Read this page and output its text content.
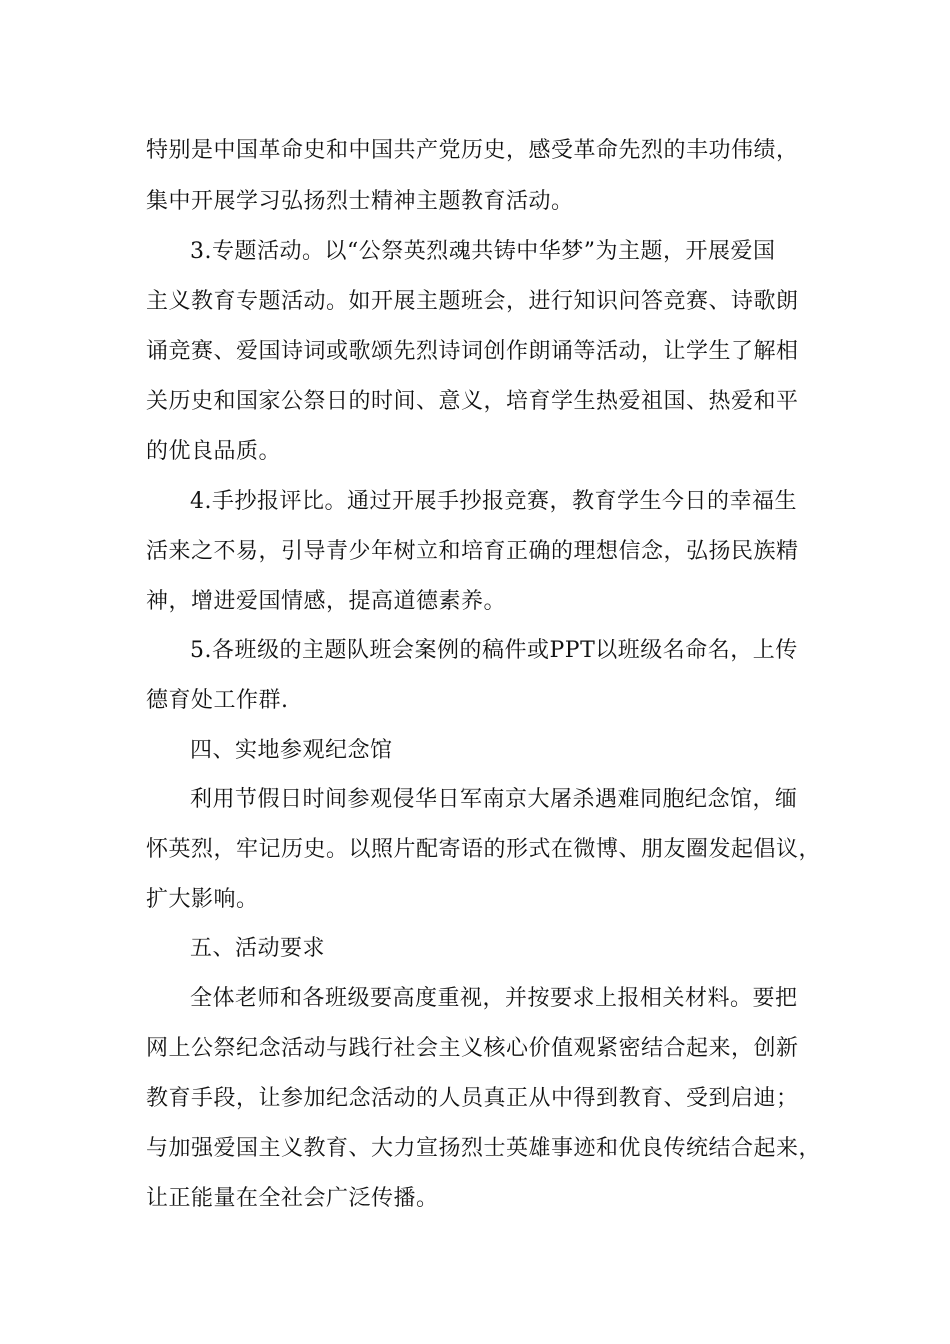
特别是中国革命史和中国共产党历史，感受革命先烈的丰功伟绩，
集中开展学习弘扬烈士精神主题教育活动。
3.专题活动。以“公祭英烈魂共铸中华梦”为主题，开展爱国
主义教育专题活动。如开展主题班会，进行知识问答竞赛、诗歌朗
诵竞赛、爱国诗词或歌颂先烈诗词创作朗诵等活动，让学生了解相
关历史和国家公祭日的时间、意义，培育学生热爱祖国、热爱和平
的优良品质。
4.手抄报评比。通过开展手抄报竞赛，教育学生今日的幸福生
活来之不易，引导青少年树立和培育正确的理想信念，弘扬民族精
神，增进爱国情感，提高道德素养。
5.各班级的主题队班会案例的稿件或PPT以班级名命名，上传
德育处工作群.
四、实地参观纪念馆
利用节假日时间参观侵华日军南京大屠杀遇难同胞纪念馆，缅
怀英烈，牢记历史。以照片配寄语的形式在微博、朋友圈发起倡议，
扩大影响。
五、活动要求
全体老师和各班级要高度重视，并按要求上报相关材料。要把
网上公祭纪念活动与践行社会主义核心价值观紧密结合起来，创新
教育手段，让参加纪念活动的人员真正从中得到教育、受到启迪；
与加强爱国主义教育、大力宣扬烈士英雄事迹和优良传统结合起来，
让正能量在全社会广泛传播。
